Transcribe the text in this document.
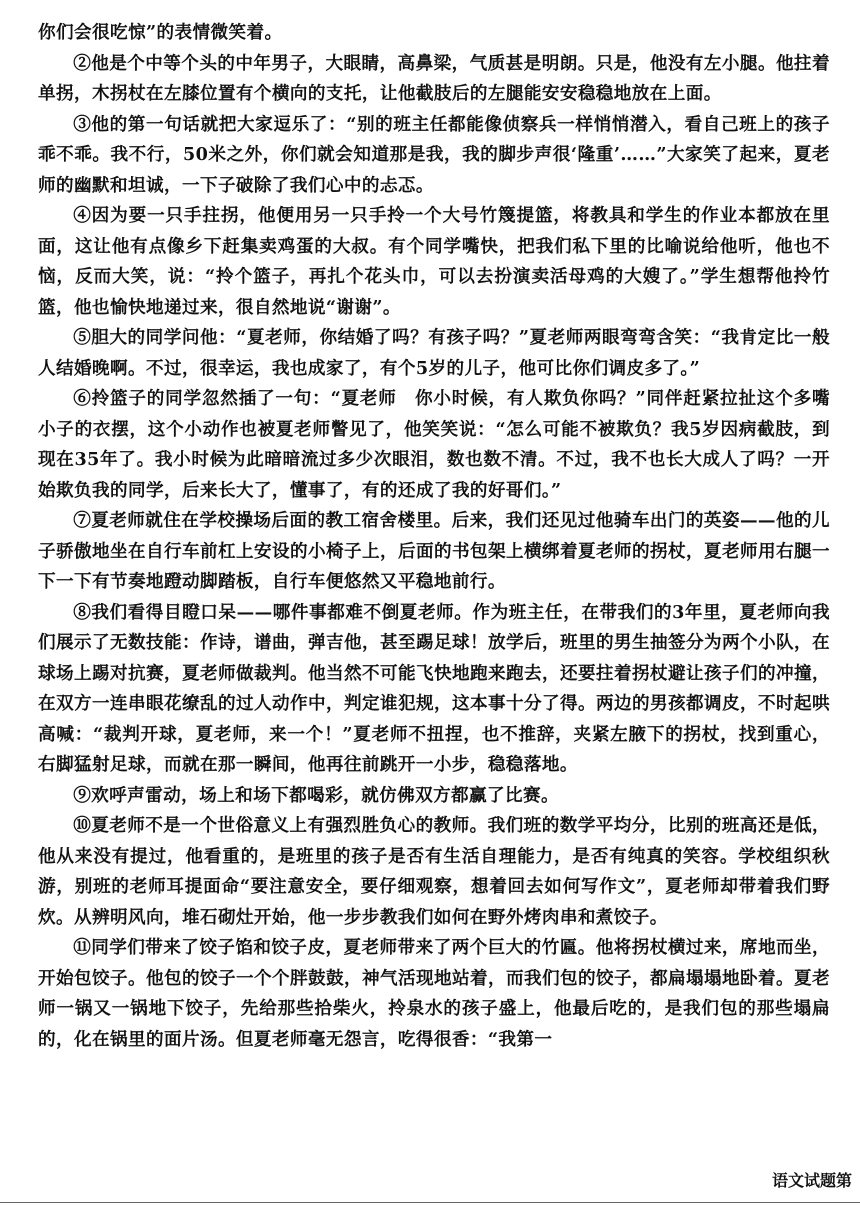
你们会很吃惊”的表情微笑着。

②他是个中等个头的中年男子，大眼睛，高鼻梁，气质甚是明朗。只是，他没有左小腿。他拄着单拐，木拐杖在左膝位置有个横向的支托，让他截肢后的左腿能安安稳稳地放在上面。

③他的第一句话就把大家逗乐了：“别的班主任都能像侦察兵一样悄悄潜入，看自己班上的孩子乖不乖。我不行，50米之外，你们就会知道那是我，我的脚步声很‘隆重’……”大家笑了起来，夏老师的幽默和坦诚，一下子破除了我们心中的忐忑。

④因为要一只手拄拐，他便用另一只手拎一个大号竹篾提篮，将教具和学生的作业本都放在里面，这让他有点像乡下赶集卖鸡蛋的大叔。有个同学嘴快，把我们私下里的比喻说给他听，他也不恼，反而大笑，说：“拎个篮子，再扎个花头巾，可以去扮演卖活母鸡的大嫂了。”学生想帮他拎竹篮，他也愉快地递过来，很自然地说“谢谢”。

⑤胆大的同学问他：“夏老师，你结婚了吗？有孩子吗？”夏老师两眼弯弯含笑：“我肯定比一般人结婚晚啊。不过，很幸运，我也成家了，有个5岁的儿子，他可比你们调皮多了。”

⑥拎篮子的同学忽然插了一句：“夏老师　你小时候，有人欺负你吗？”同伴赶紧拉扯这个多嘴小子的衣摆，这个小动作也被夏老师瞥见了，他笑笑说：“怎么可能不被欺负？我5岁因病截肢，到现在35年了。我小时候为此暗暗流过多少次眼泪，数也数不清。不过，我不也长大成人了吗？一开始欺负我的同学，后来长大了，懂事了，有的还成了我的好哥们。”

⑦夏老师就住在学校操场后面的教工宿舍楼里。后来，我们还见过他骑车出门的英姿——他的儿子骄傲地坐在自行车前杠上安设的小椅子上，后面的书包架上横绑着夏老师的拐杖，夏老师用右腿一下一下有节奏地蹬动脚踏板，自行车便悠然又平稳地前行。

⑧我们看得目瞪口呆——哪件事都难不倒夏老师。作为班主任，在带我们的3年里，夏老师向我们展示了无数技能：作诗，谱曲，弹吉他，甚至踢足球！放学后，班里的男生抽签分为两个小队，在球场上踢对抗赛，夏老师做裁判。他当然不可能飞快地跑来跑去，还要拄着拐杖避让孩子们的冲撞，在双方一连串眼花缭乱的过人动作中，判定谁犯规，这本事十分了得。两边的男孩都调皮，不时起哄高喊：“裁判开球，夏老师，来一个！”夏老师不扭捏，也不推辞，夹紧左腋下的拐杖，找到重心，右脚猛射足球，而就在那一瞬间，他再往前跳开一小步，稳稳落地。

⑨欢呼声雷动，场上和场下都喝彩，就仿佛双方都赢了比赛。

⑩夏老师不是一个世俗意义上有强烈胜负心的教师。我们班的数学平均分，比别的班高还是低，他从来没有提过，他看重的，是班里的孩子是否有生活自理能力，是否有纯真的笑容。学校组织秋游，别班的老师耳提面命“要注意安全，要仔细观察，想着回去如何写作文”，夏老师却带着我们野炊。从辨明风向，堆石砌灶开始，他一步步教我们如何在野外烤肉串和煮饺子。

⑪同学们带来了饺子馅和饺子皮，夏老师带来了两个巨大的竹匾。他将拐杖横过来，席地而坐，开始包饺子。他包的饺子一个个胖鼓鼓，神气活现地站着，而我们包的饺子，都扁塌塌地卧着。夏老师一锅又一锅地下饺子，先给那些拾柴火，拎泉水的孩子盛上，他最后吃的，是我们包的那些塌扁的，化在锅里的面片汤。但夏老师毫无怨言，吃得很香：“我第一

语文试题第
